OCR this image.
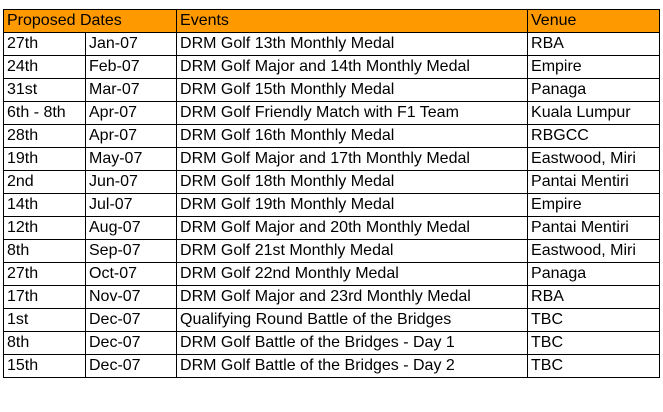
Proposed Dates		Events	Venue
27th	Jan-07	DRM Golf 13th Monthly Medal	RBA
24th	Feb-07	DRM Golf Major and 14th Monthly Medal	Empire
31st	Mar-07	DRM Golf 15th Monthly Medal	Panaga
6th - 8th	Apr-07	DRM Golf Friendly Match with F1 Team	Kuala Lumpur
28th	Apr-07	DRM Golf 16th Monthly Medal	RBGCC
19th	May-07	DRM Golf Major and 17th Monthly Medal	Eastwood, Miri
2nd	Jun-07	DRM Golf 18th Monthly Medal	Pantai Mentiri
14th	Jul-07	DRM Golf 19th Monthly Medal	Empire
12th	Aug-07	DRM Golf Major and 20th Monthly Medal	Pantai Mentiri
8th	Sep-07	DRM Golf 21st Monthly Medal	Eastwood, Miri
27th	Oct-07	DRM Golf 22nd Monthly Medal	Panaga
17th	Nov-07	DRM Golf Major and 23rd Monthly Medal	RBA
1st	Dec-07	Qualifying Round Battle of the Bridges	TBC
8th	Dec-07	DRM Golf Battle of the Bridges - Day 1	TBC
15th	Dec-07	DRM Golf Battle of the Bridges - Day 2	TBC
